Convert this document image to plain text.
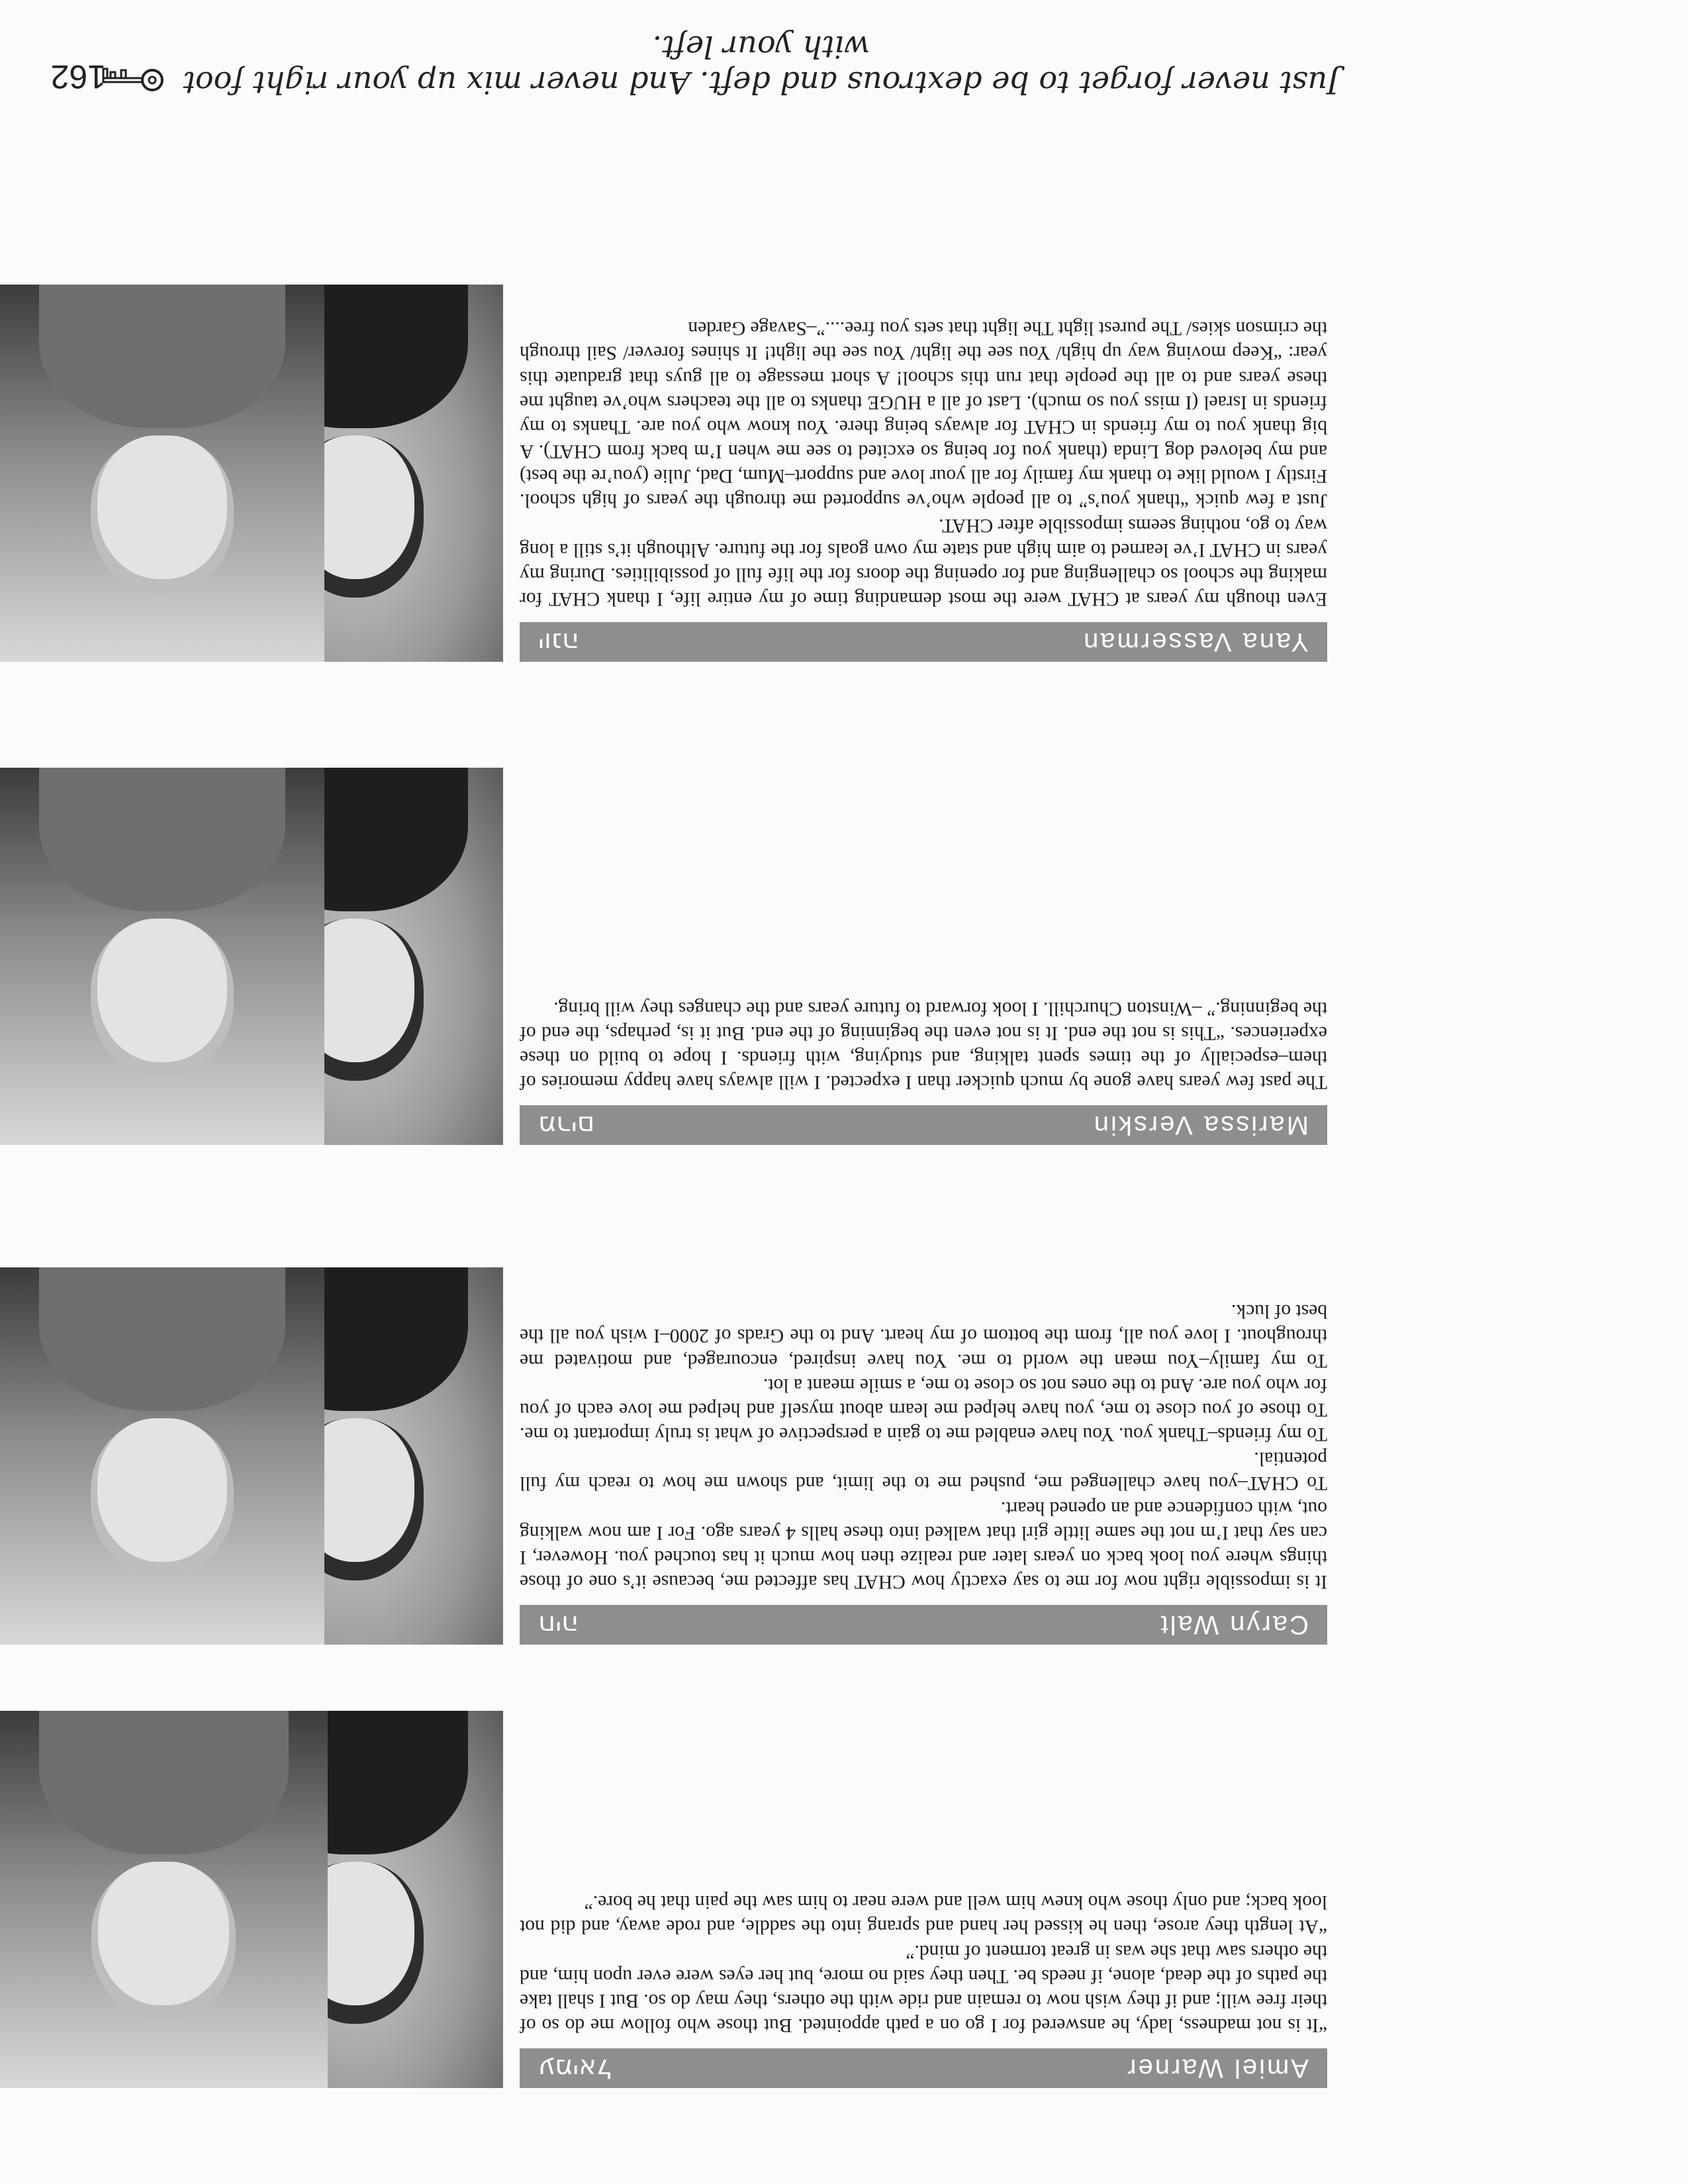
Amiel Warner
עמיאל
“It is not madness, lady, he answered for I go on a path appointed. But those who follow me do so of their free will; and if they wish now to remain and ride with the others, they may do so. But I shall take the paths of the dead, alone, if needs be. Then they said no more, but her eyes were ever upon him, and the others saw that she was in great torment of mind.”
“At length they arose, then he kissed her hand and sprang into the saddle, and rode away, and did not look back; and only those who knew him well and were near to him saw the pain that he bore.”
Caryn Walt
חיה
It is impossible right now for me to say exactly how CHAT has affected me, because it’s one of those things where you look back on years later and realize then how much it has touched you. However, I can say that I’m not the same little girl that walked into these halls 4 years ago. For I am now walking out, with confidence and an opened heart.
To CHAT–you have challenged me, pushed me to the limit, and shown me how to reach my full potential.
To my friends–Thank you. You have enabled me to gain a perspective of what is truly important to me. To those of you close to me, you have helped me learn about myself and helped me love each of you for who you are. And to the ones not so close to me, a smile meant a lot.
To my family–You mean the world to me. You have inspired, encouraged, and motivated me throughout. I love you all, from the bottom of my heart. And to the Grads of 2000–I wish you all the best of luck.
Marissa Verskin
מרים
The past few years have gone by much quicker than I expected. I will always have happy memories of them–especially of the times spent talking, and studying, with friends. I hope to build on these experiences. “This is not the end. It is not even the beginning of the end. But it is, perhaps, the end of the beginning.” –Winston Churchill. I look forward to future years and the changes they will bring.
Yana Vasserman
יונה
Even though my years at CHAT were the most demanding time of my entire life, I thank CHAT for making the school so challenging and for opening the doors for the life full of possibilities. During my years in CHAT I’ve learned to aim high and state my own goals for the future. Although it’s still a long way to go, nothing seems impossible after CHAT.
Just a few quick “thank you’s” to all people who’ve supported me through the years of high school. Firstly I would like to thank my family for all your love and support–Mum, Dad, Julie (you’re the best) and my beloved dog Linda (thank you for being so excited to see me when I’m back from CHAT). A big thank you to my friends in CHAT for always being there. You know who you are. Thanks to my friends in Israel (I miss you so much). Last of all a HUGE thanks to all the teachers who’ve taught me these years and to all the people that run this school! A short message to all guys that graduate this year: “Keep moving way up high/ You see the light/ You see the light! It shines forever/ Sail through the crimson skies/ The purest light The light that sets you free....”–Savage Garden
Just never forget to be dextrous and deft. And never mix up your right foot with your left.
162
